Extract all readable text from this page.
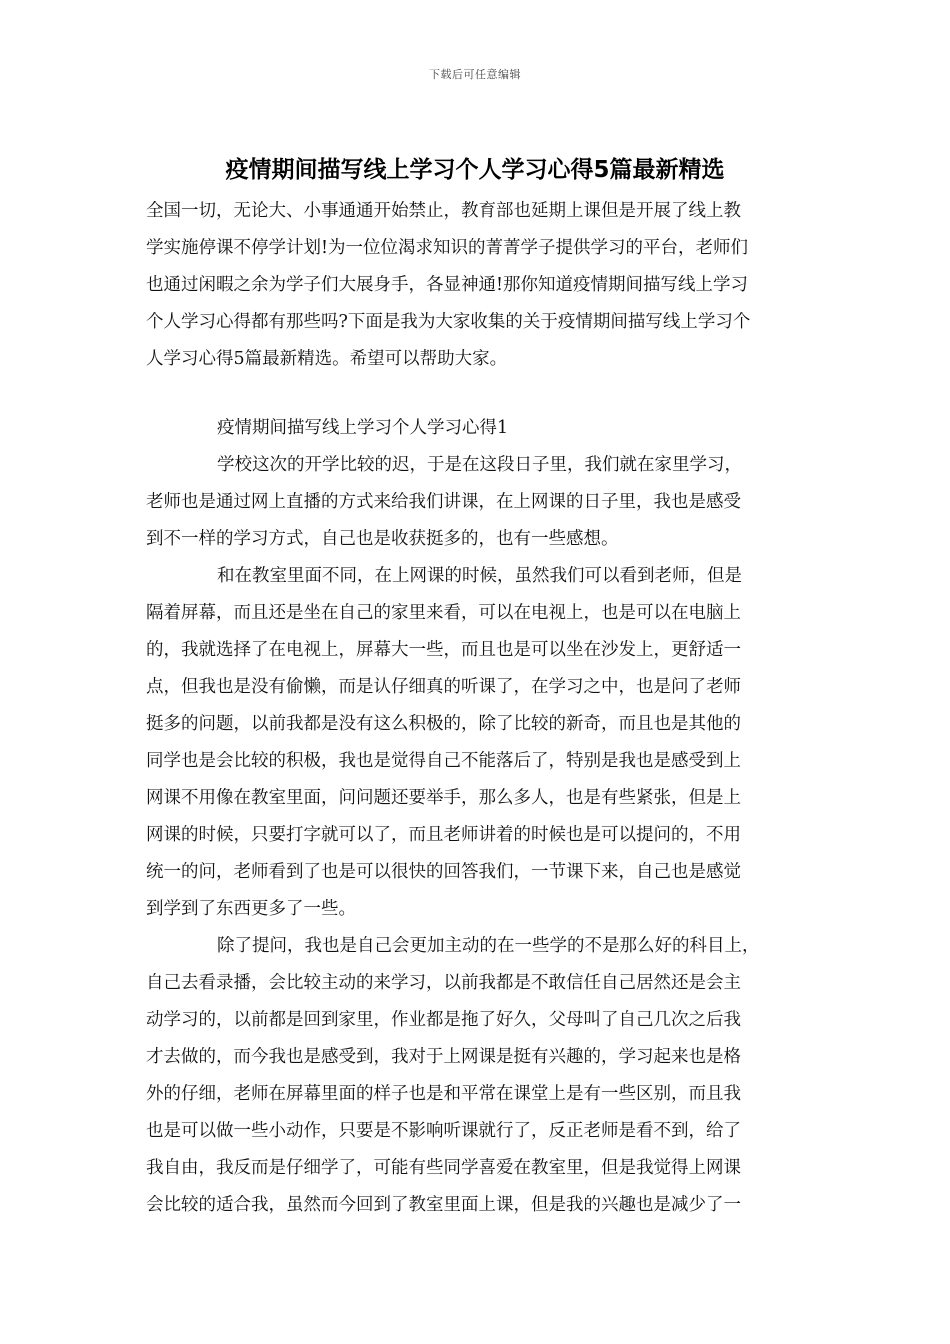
下载后可任意编辑
疫情期间描写线上学习个人学习心得5篇最新精选
全国一切，无论大、小事通通开始禁止，教育部也延期上课但是开展了线上教
学实施停课不停学计划!为一位位渴求知识的菁菁学子提供学习的平台，老师们
也通过闲暇之余为学子们大展身手，各显神通!那你知道疫情期间描写线上学习
个人学习心得都有那些吗?下面是我为大家收集的关于疫情期间描写线上学习个
人学习心得5篇最新精选。希望可以帮助大家。
疫情期间描写线上学习个人学习心得1
学校这次的开学比较的迟，于是在这段日子里，我们就在家里学习，
老师也是通过网上直播的方式来给我们讲课，在上网课的日子里，我也是感受
到不一样的学习方式，自己也是收获挺多的，也有一些感想。
和在教室里面不同，在上网课的时候，虽然我们可以看到老师，但是
隔着屏幕，而且还是坐在自己的家里来看，可以在电视上，也是可以在电脑上
的，我就选择了在电视上，屏幕大一些，而且也是可以坐在沙发上，更舒适一
点，但我也是没有偷懒，而是认仔细真的听课了，在学习之中，也是问了老师
挺多的问题，以前我都是没有这么积极的，除了比较的新奇，而且也是其他的
同学也是会比较的积极，我也是觉得自己不能落后了，特别是我也是感受到上
网课不用像在教室里面，问问题还要举手，那么多人，也是有些紧张，但是上
网课的时候，只要打字就可以了，而且老师讲着的时候也是可以提问的，不用
统一的问，老师看到了也是可以很快的回答我们，一节课下来，自己也是感觉
到学到了东西更多了一些。
除了提问，我也是自己会更加主动的在一些学的不是那么好的科目上，
自己去看录播，会比较主动的来学习，以前我都是不敢信任自己居然还是会主
动学习的，以前都是回到家里，作业都是拖了好久，父母叫了自己几次之后我
才去做的，而今我也是感受到，我对于上网课是挺有兴趣的，学习起来也是格
外的仔细，老师在屏幕里面的样子也是和平常在课堂上是有一些区别，而且我
也是可以做一些小动作，只要是不影响听课就行了，反正老师是看不到，给了
我自由，我反而是仔细学了，可能有些同学喜爱在教室里，但是我觉得上网课
会比较的适合我，虽然而今回到了教室里面上课，但是我的兴趣也是减少了一
